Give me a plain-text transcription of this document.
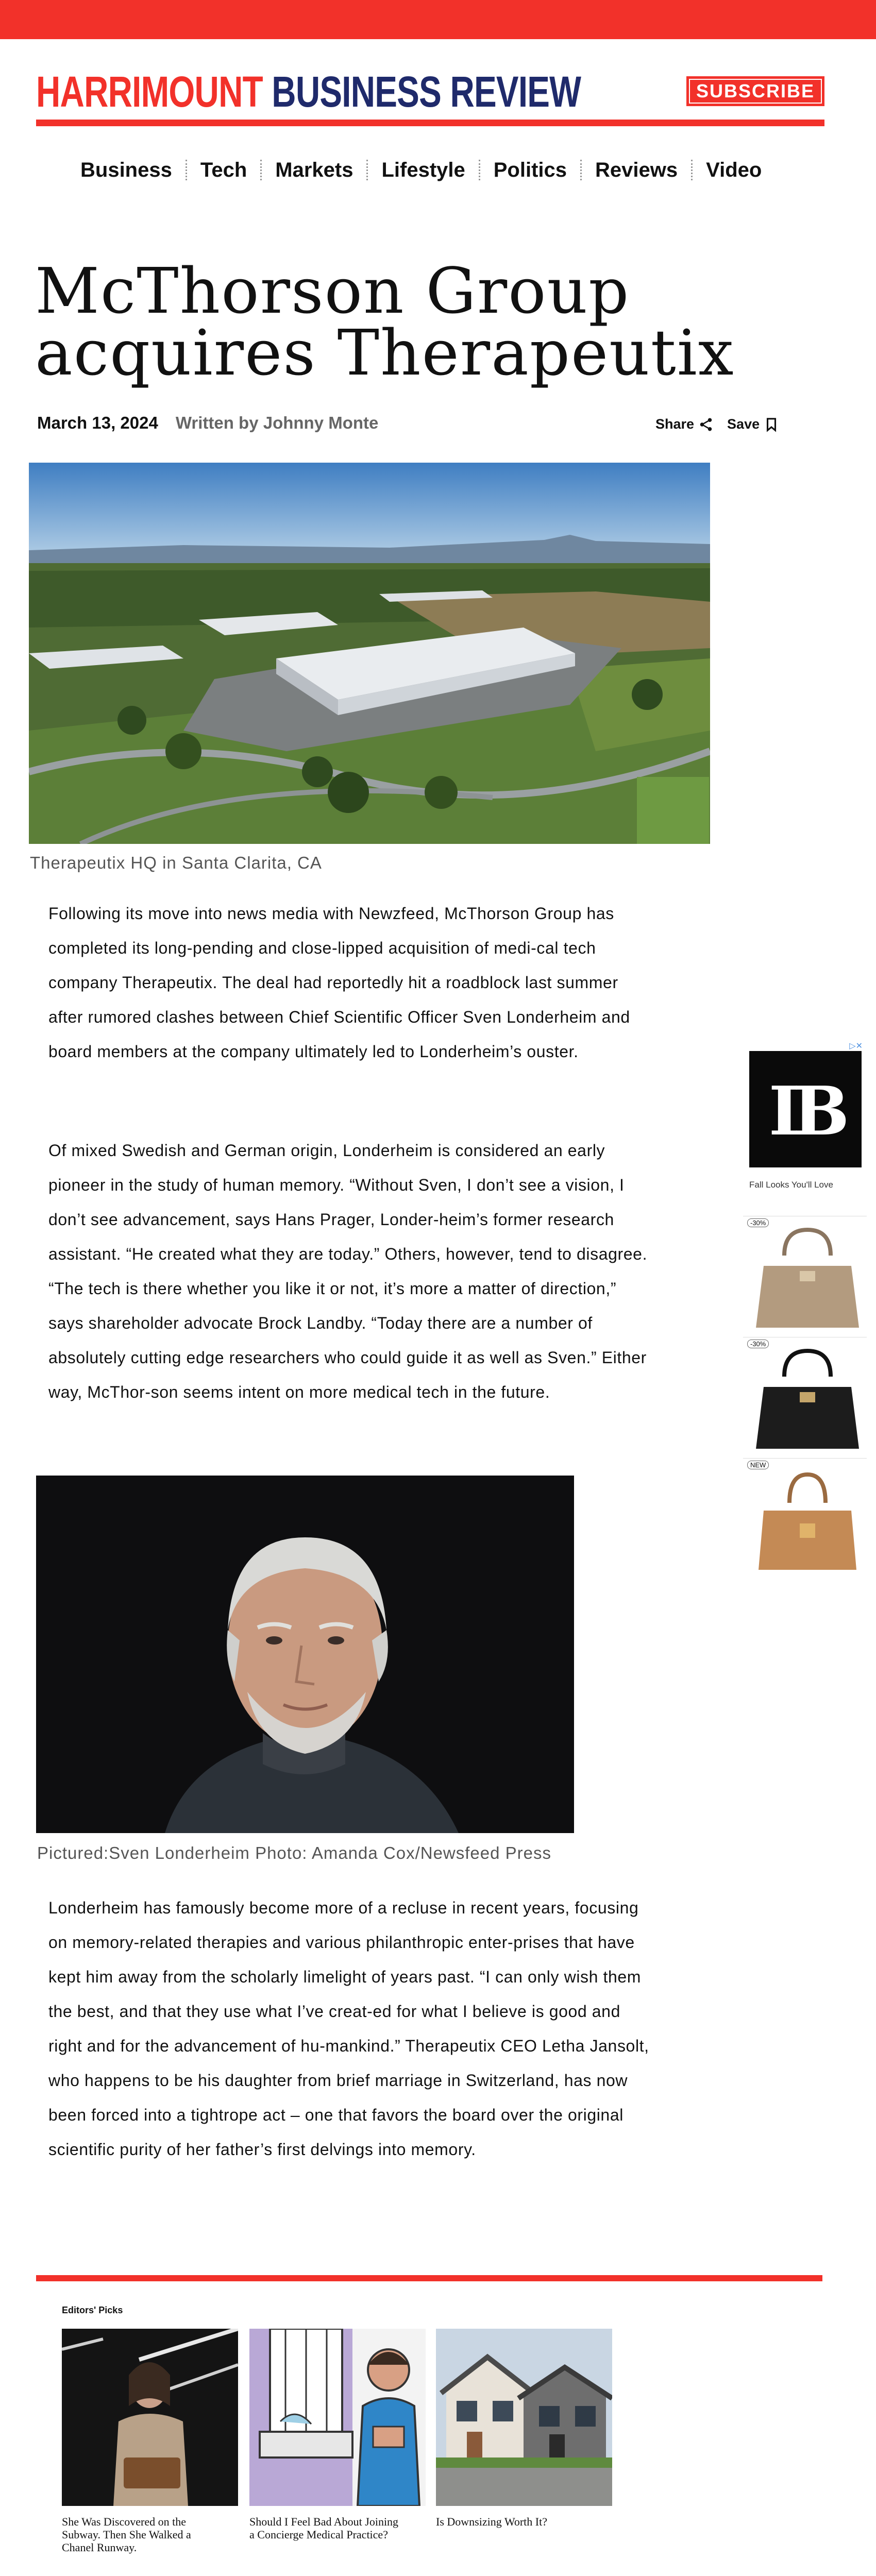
HARRIMOUNT BUSINESS REVIEW	SUBSCRIBE
Business	Tech	Markets	Lifestyle	Politics	Reviews	Video
McThorson Group acquires Therapeutix
March 13, 2024 Written by Johnny Monte	Share Save
Therapeutix HQ in Santa Clarita, CA

Following its move into news media with Newzfeed, McThorson Group has completed its long-pending and close-lipped acquisition of medi-cal tech company Therapeutix. The deal had reportedly hit a roadblock last summer after rumored clashes between Chief Scientific Officer Sven Londerheim and board members at the company ultimately led to Londerheim’s ouster.

Of mixed Swedish and German origin, Londerheim is considered an early pioneer in the study of human memory. “Without Sven, I don’t see a vision, I don’t see advancement, says Hans Prager, Londer-heim’s former research assistant. “He created what they are today.” Others, however, tend to disagree. “The tech is there whether you like it or not, it’s more a matter of direction,” says shareholder advocate Brock Landby. “Today there are a number of absolutely cutting edge researchers who could guide it as well as Sven.” Either way, McThor-son seems intent on more medical tech in the future.

Pictured:Sven Londerheim Photo: Amanda Cox/Newsfeed Press

Londerheim has famously become more of a recluse in recent years, focusing on memory-related therapies and various philanthropic enter-prises that have kept him away from the scholarly limelight of years past. “I can only wish them the best, and that they use what I’ve creat-ed for what I believe is good and right and for the advancement of hu-mankind.” Therapeutix CEO Letha Jansolt, who happens to be his daughter from brief marriage in Switzerland, has now been forced into a tightrope act – one that favors the board over the original scientific purity of her father’s first delvings into memory.

▷✕
IB
Fall Looks You'll Love
-30%
-30%
NEW
Editors' Picks
She Was Discovered on the Subway. Then She Walked a Chanel Runway.
Should I Feel Bad About Joining a Concierge Medical Practice?
Is Downsizing Worth It?
